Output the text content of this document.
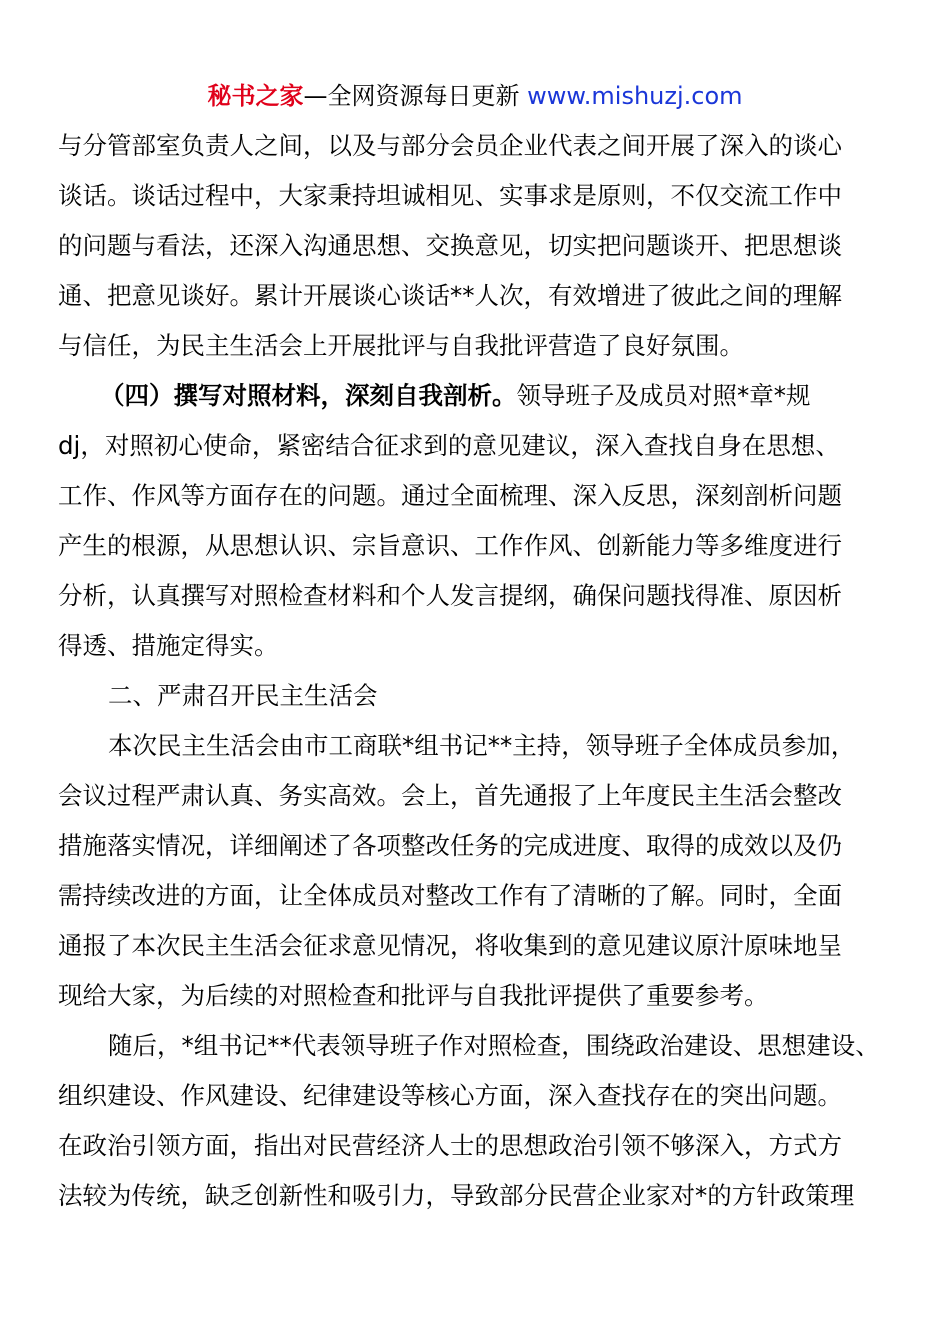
秘书之家—全网资源每日更新 www.mishuzj.com
与分管部室负责人之间，以及与部分会员企业代表之间开展了深入的谈心
谈话。谈话过程中，大家秉持坦诚相见、实事求是原则，不仅交流工作中
的问题与看法，还深入沟通思想、交换意见，切实把问题谈开、把思想谈
通、把意见谈好。累计开展谈心谈话**人次，有效增进了彼此之间的理解
与信任，为民主生活会上开展批评与自我批评营造了良好氛围。
（四）撰写对照材料，深刻自我剖析。领导班子及成员对照*章*规
dj，对照初心使命，紧密结合征求到的意见建议，深入查找自身在思想、
工作、作风等方面存在的问题。通过全面梳理、深入反思，深刻剖析问题
产生的根源，从思想认识、宗旨意识、工作作风、创新能力等多维度进行
分析，认真撰写对照检查材料和个人发言提纲，确保问题找得准、原因析
得透、措施定得实。
二、严肃召开民主生活会
本次民主生活会由市工商联*组书记**主持，领导班子全体成员参加，
会议过程严肃认真、务实高效。会上，首先通报了上年度民主生活会整改
措施落实情况，详细阐述了各项整改任务的完成进度、取得的成效以及仍
需持续改进的方面，让全体成员对整改工作有了清晰的了解。同时，全面
通报了本次民主生活会征求意见情况，将收集到的意见建议原汁原味地呈
现给大家，为后续的对照检查和批评与自我批评提供了重要参考。
随后，*组书记**代表领导班子作对照检查，围绕政治建设、思想建设、
组织建设、作风建设、纪律建设等核心方面，深入查找存在的突出问题。
在政治引领方面，指出对民营经济人士的思想政治引领不够深入，方式方
法较为传统，缺乏创新性和吸引力，导致部分民营企业家对*的方针政策理
